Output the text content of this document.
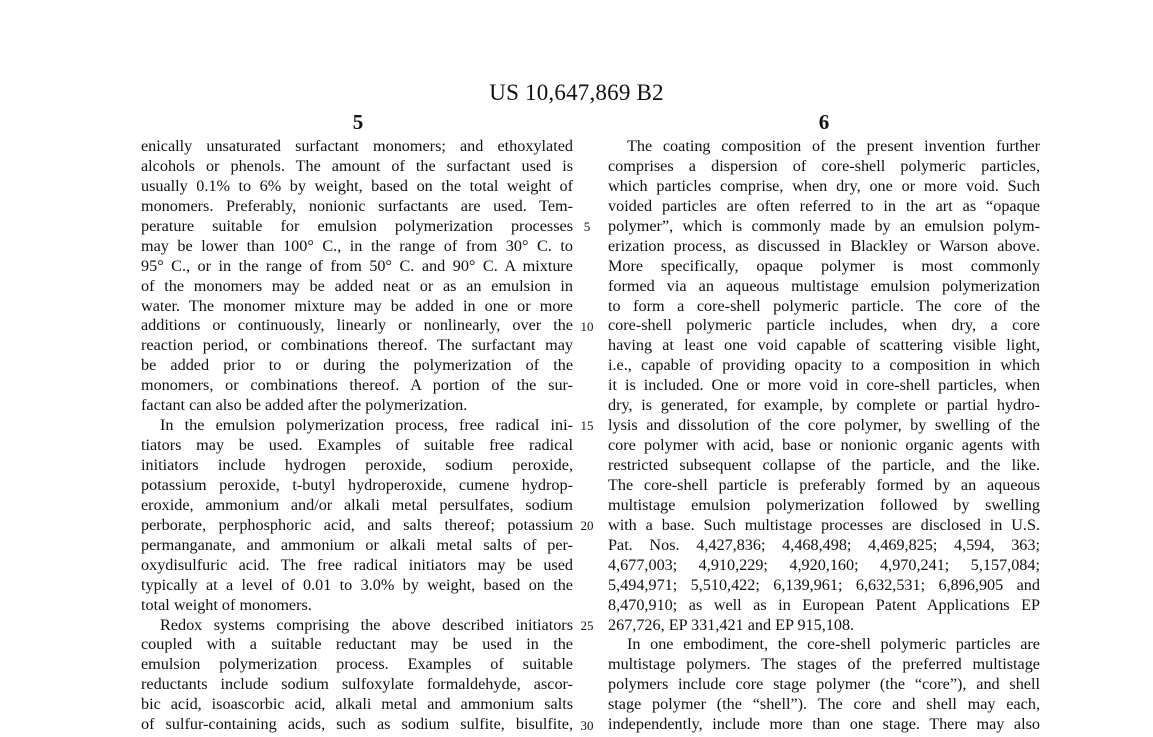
US 10,647,869 B2
5	6
enically unsaturated surfactant monomers; and ethoxylated
alcohols or phenols. The amount of the surfactant used is
usually 0.1% to 6% by weight, based on the total weight of
monomers. Preferably, nonionic surfactants are used. Tem-
perature suitable for emulsion polymerization processes
may be lower than 100° C., in the range of from 30° C. to
95° C., or in the range of from 50° C. and 90° C. A mixture
of the monomers may be added neat or as an emulsion in
water. The monomer mixture may be added in one or more
additions or continuously, linearly or nonlinearly, over the
reaction period, or combinations thereof. The surfactant may
be added prior to or during the polymerization of the
monomers, or combinations thereof. A portion of the sur-
factant can also be added after the polymerization.
In the emulsion polymerization process, free radical ini-
tiators may be used. Examples of suitable free radical
initiators include hydrogen peroxide, sodium peroxide,
potassium peroxide, t-butyl hydroperoxide, cumene hydrop-
eroxide, ammonium and/or alkali metal persulfates, sodium
perborate, perphosphoric acid, and salts thereof; potassium
permanganate, and ammonium or alkali metal salts of per-
oxydisulfuric acid. The free radical initiators may be used
typically at a level of 0.01 to 3.0% by weight, based on the
total weight of monomers.
Redox systems comprising the above described initiators
coupled with a suitable reductant may be used in the
emulsion polymerization process. Examples of suitable
reductants include sodium sulfoxylate formaldehyde, ascor-
bic acid, isoascorbic acid, alkali metal and ammonium salts
of sulfur-containing acids, such as sodium sulfite, bisulfite,
5
10
15
20
25
30
The coating composition of the present invention further
comprises a dispersion of core-shell polymeric particles,
which particles comprise, when dry, one or more void. Such
voided particles are often referred to in the art as “opaque
polymer”, which is commonly made by an emulsion polym-
erization process, as discussed in Blackley or Warson above.
More specifically, opaque polymer is most commonly
formed via an aqueous multistage emulsion polymerization
to form a core-shell polymeric particle. The core of the
core-shell polymeric particle includes, when dry, a core
having at least one void capable of scattering visible light,
i.e., capable of providing opacity to a composition in which
it is included. One or more void in core-shell particles, when
dry, is generated, for example, by complete or partial hydro-
lysis and dissolution of the core polymer, by swelling of the
core polymer with acid, base or nonionic organic agents with
restricted subsequent collapse of the particle, and the like.
The core-shell particle is preferably formed by an aqueous
multistage emulsion polymerization followed by swelling
with a base. Such multistage processes are disclosed in U.S.
Pat. Nos. 4,427,836; 4,468,498; 4,469,825; 4,594, 363;
4,677,003; 4,910,229; 4,920,160; 4,970,241; 5,157,084;
5,494,971; 5,510,422; 6,139,961; 6,632,531; 6,896,905 and
8,470,910; as well as in European Patent Applications EP
267,726, EP 331,421 and EP 915,108.
In one embodiment, the core-shell polymeric particles are
multistage polymers. The stages of the preferred multistage
polymers include core stage polymer (the “core”), and shell
stage polymer (the “shell”). The core and shell may each,
independently, include more than one stage. There may also
